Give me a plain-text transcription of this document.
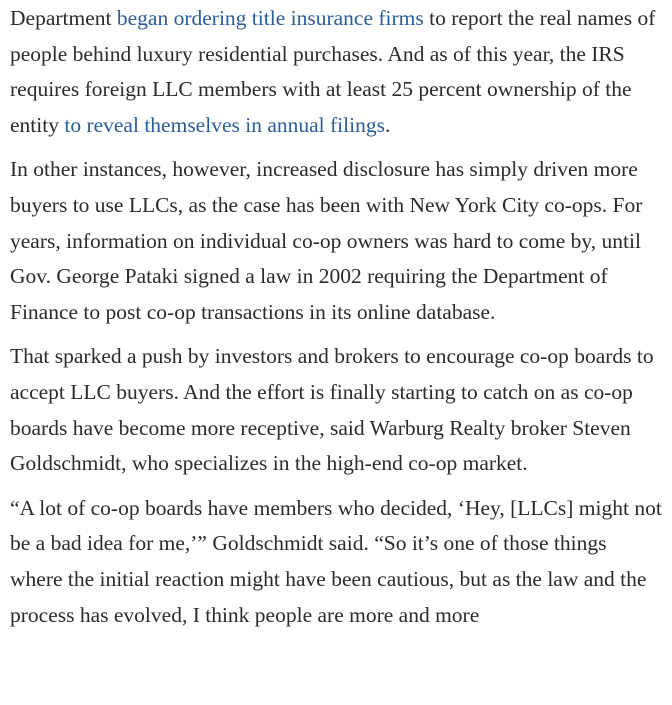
Department began ordering title insurance firms to report the real names of people behind luxury residential purchases. And as of this year, the IRS requires foreign LLC members with at least 25 percent ownership of the entity to reveal themselves in annual filings.

In other instances, however, increased disclosure has simply driven more buyers to use LLCs, as the case has been with New York City co-ops. For years, information on individual co-op owners was hard to come by, until Gov. George Pataki signed a law in 2002 requiring the Department of Finance to post co-op transactions in its online database.

That sparked a push by investors and brokers to encourage co-op boards to accept LLC buyers. And the effort is finally starting to catch on as co-op boards have become more receptive, said Warburg Realty broker Steven Goldschmidt, who specializes in the high-end co-op market.

“A lot of co-op boards have members who decided, ‘Hey, [LLCs] might not be a bad idea for me,’” Goldschmidt said. “So it’s one of those things where the initial reaction might have been cautious, but as the law and the process has evolved, I think people are more and more
